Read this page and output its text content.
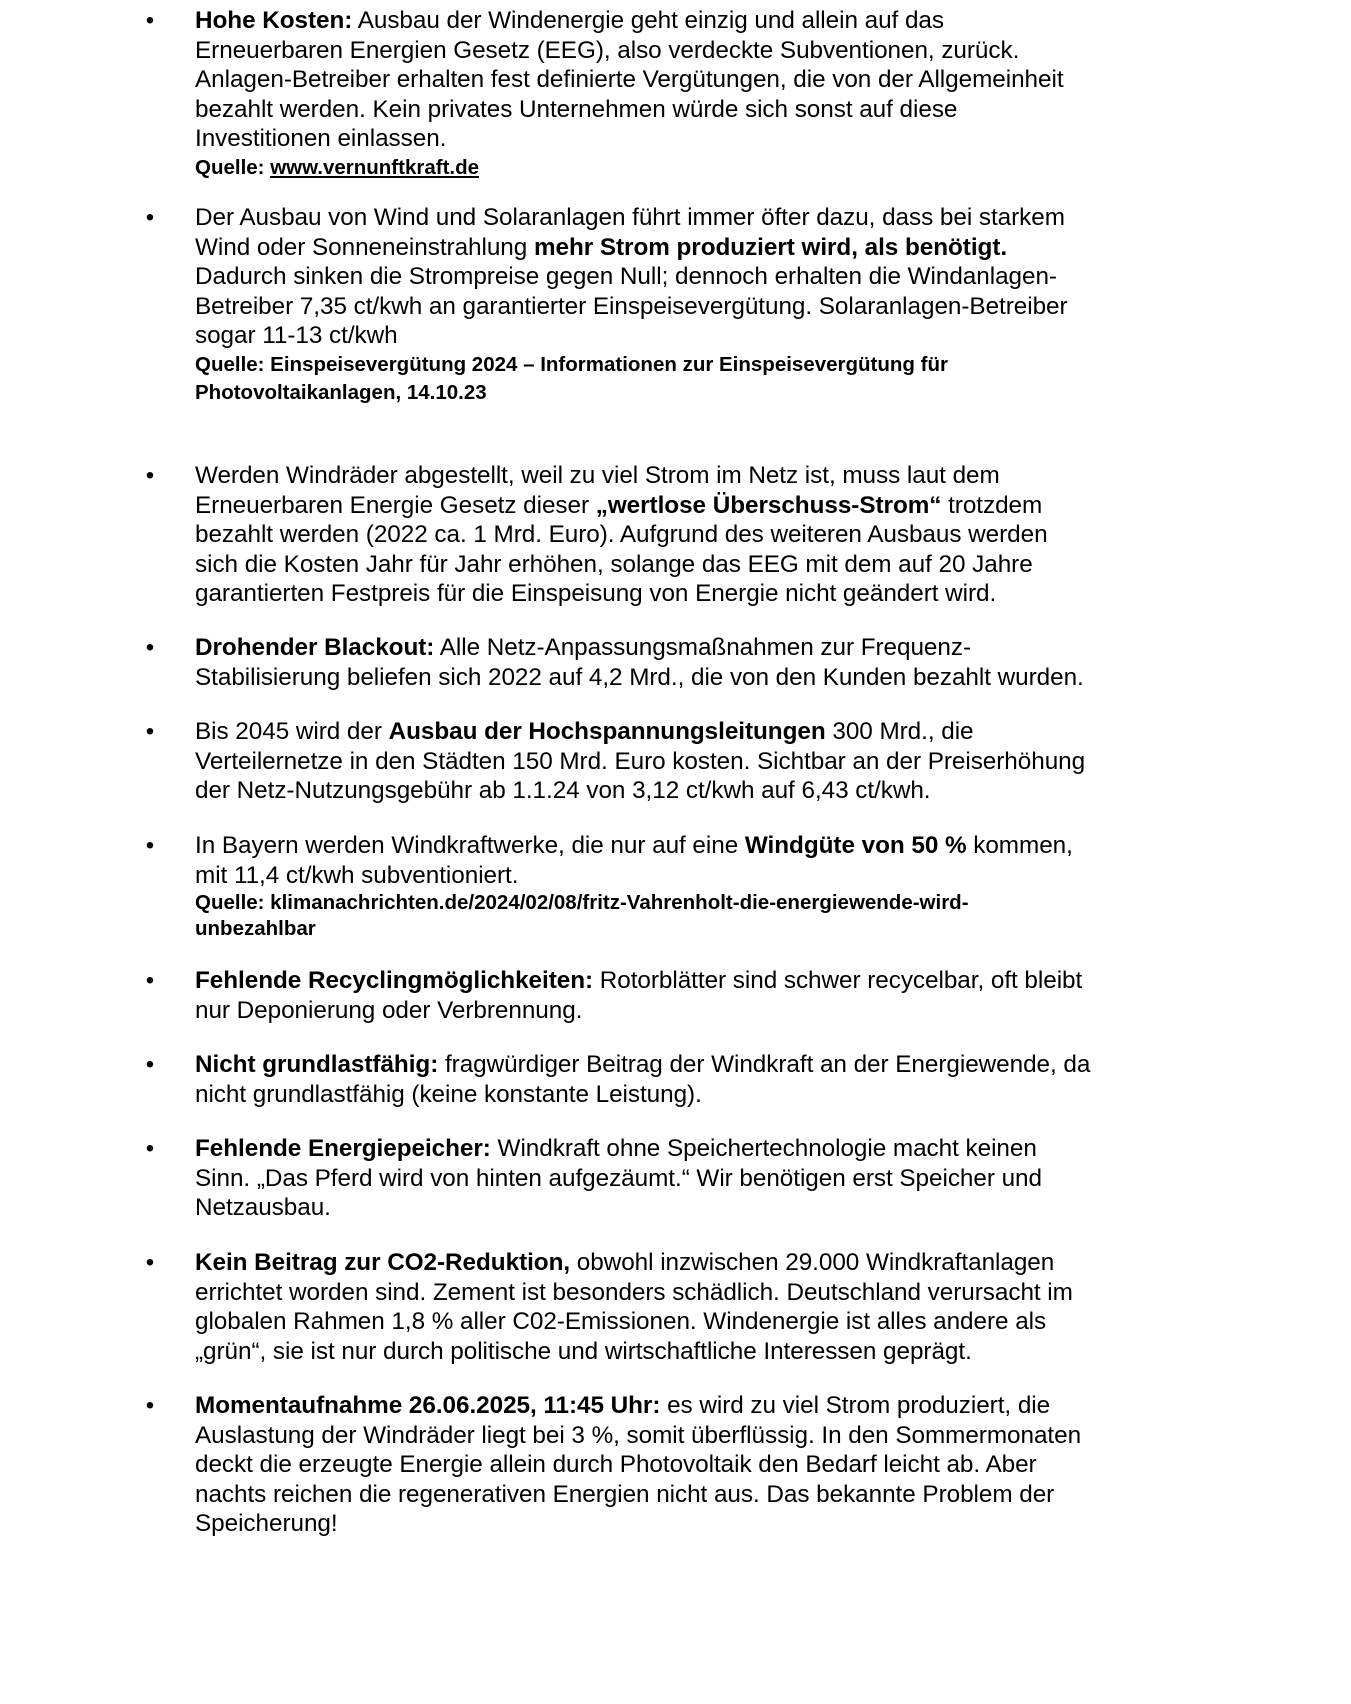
• Hohe Kosten: Ausbau der Windenergie geht einzig und allein auf das
Erneuerbaren Energien Gesetz (EEG), also verdeckte Subventionen, zurück.
Anlagen-Betreiber erhalten fest definierte Vergütungen, die von der Allgemeinheit
bezahlt werden. Kein privates Unternehmen würde sich sonst auf diese
Investitionen einlassen.
Quelle: www.vernunftkraft.de
• Der Ausbau von Wind und Solaranlagen führt immer öfter dazu, dass bei starkem
Wind oder Sonneneinstrahlung mehr Strom produziert wird, als benötigt.
Dadurch sinken die Strompreise gegen Null; dennoch erhalten die Windanlagen-
Betreiber 7,35 ct/kwh an garantierter Einspeisevergütung. Solaranlagen-Betreiber
sogar 11-13 ct/kwh
Quelle: Einspeisevergütung 2024 – Informationen zur Einspeisevergütung für
Photovoltaikanlagen, 14.10.23
• Werden Windräder abgestellt, weil zu viel Strom im Netz ist, muss laut dem
Erneuerbaren Energie Gesetz dieser „wertlose Überschuss-Strom“ trotzdem
bezahlt werden (2022 ca. 1 Mrd. Euro). Aufgrund des weiteren Ausbaus werden
sich die Kosten Jahr für Jahr erhöhen, solange das EEG mit dem auf 20 Jahre
garantierten Festpreis für die Einspeisung von Energie nicht geändert wird.
• Drohender Blackout: Alle Netz-Anpassungsmaßnahmen zur Frequenz-
Stabilisierung beliefen sich 2022 auf 4,2 Mrd., die von den Kunden bezahlt wurden.
• Bis 2045 wird der Ausbau der Hochspannungsleitungen 300 Mrd., die
Verteilernetze in den Städten 150 Mrd. Euro kosten. Sichtbar an der Preiserhöhung
der Netz-Nutzungsgebühr ab 1.1.24 von 3,12 ct/kwh auf 6,43 ct/kwh.
• In Bayern werden Windkraftwerke, die nur auf eine Windgüte von 50 % kommen,
mit 11,4 ct/kwh subventioniert.
Quelle: klimanachrichten.de/2024/02/08/fritz-Vahrenholt-die-energiewende-wird-
unbezahlbar
• Fehlende Recyclingmöglichkeiten: Rotorblätter sind schwer recycelbar, oft bleibt
nur Deponierung oder Verbrennung.
• Nicht grundlastfähig: fragwürdiger Beitrag der Windkraft an der Energiewende, da
nicht grundlastfähig (keine konstante Leistung).
• Fehlende Energiepeicher: Windkraft ohne Speichertechnologie macht keinen
Sinn. „Das Pferd wird von hinten aufgezäumt.“ Wir benötigen erst Speicher und
Netzausbau.
• Kein Beitrag zur CO2-Reduktion, obwohl inzwischen 29.000 Windkraftanlagen
errichtet worden sind. Zement ist besonders schädlich. Deutschland verursacht im
globalen Rahmen 1,8 % aller C02-Emissionen. Windenergie ist alles andere als
„grün“, sie ist nur durch politische und wirtschaftliche Interessen geprägt.
• Momentaufnahme 26.06.2025, 11:45 Uhr: es wird zu viel Strom produziert, die
Auslastung der Windräder liegt bei 3 %, somit überflüssig. In den Sommermonaten
deckt die erzeugte Energie allein durch Photovoltaik den Bedarf leicht ab. Aber
nachts reichen die regenerativen Energien nicht aus. Das bekannte Problem der
Speicherung!
